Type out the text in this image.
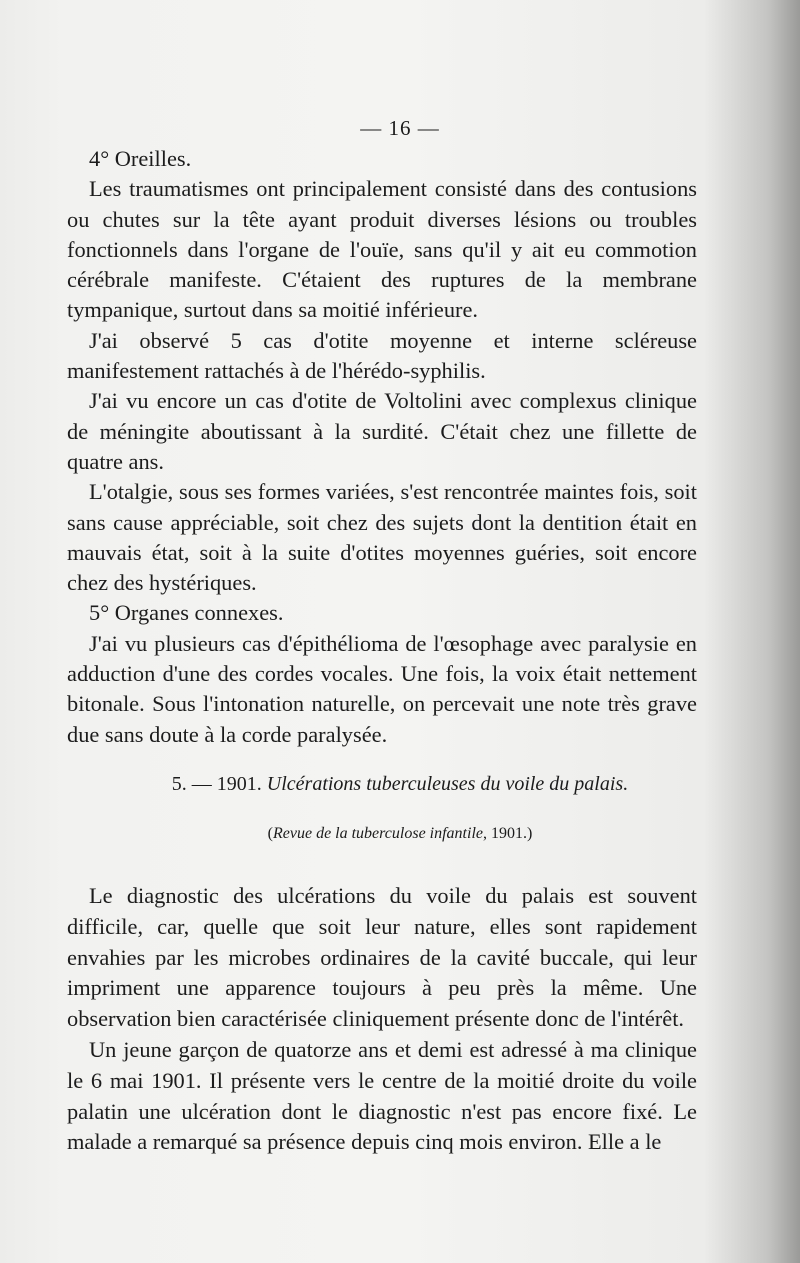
— 16 —

4° Oreilles.

Les traumatismes ont principalement consisté dans des contusions ou chutes sur la tête ayant produit diverses lésions ou troubles fonctionnels dans l'organe de l'ouïe, sans qu'il y ait eu commotion cérébrale manifeste. C'étaient des ruptures de la membrane tympanique, surtout dans sa moitié inférieure.

J'ai observé 5 cas d'otite moyenne et interne scléreuse manifestement rattachés à de l'hérédo-syphilis.

J'ai vu encore un cas d'otite de Voltolini avec complexus clinique de méningite aboutissant à la surdité. C'était chez une fillette de quatre ans.

L'otalgie, sous ses formes variées, s'est rencontrée maintes fois, soit sans cause appréciable, soit chez des sujets dont la dentition était en mauvais état, soit à la suite d'otites moyennes guéries, soit encore chez des hystériques.

5° Organes connexes.

J'ai vu plusieurs cas d'épithélioma de l'œsophage avec paralysie en adduction d'une des cordes vocales. Une fois, la voix était nettement bitonale. Sous l'intonation naturelle, on percevait une note très grave due sans doute à la corde paralysée.

5. — 1901. Ulcérations tuberculeuses du voile du palais.
(Revue de la tuberculose infantile, 1901.)

Le diagnostic des ulcérations du voile du palais est souvent difficile, car, quelle que soit leur nature, elles sont rapidement envahies par les microbes ordinaires de la cavité buccale, qui leur impriment une apparence toujours à peu près la même. Une observation bien caractérisée cliniquement présente donc de l'intérêt.

Un jeune garçon de quatorze ans et demi est adressé à ma clinique le 6 mai 1901. Il présente vers le centre de la moitié droite du voile palatin une ulcération dont le diagnostic n'est pas encore fixé. Le malade a remarqué sa présence depuis cinq mois environ. Elle a le
